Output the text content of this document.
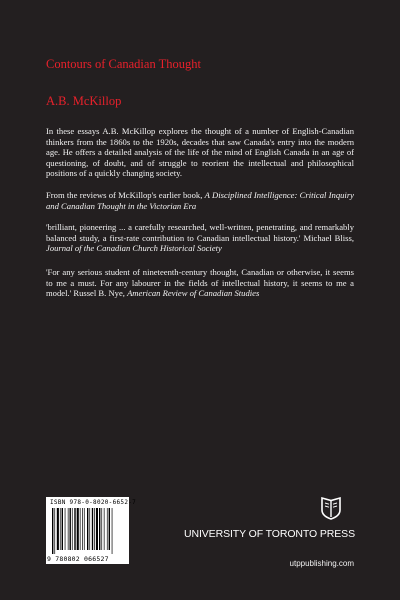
Contours of Canadian Thought
A.B. McKillop

In these essays A.B. McKillop explores the thought of a number of English-Canadian thinkers from the 1860s to the 1920s, decades that saw Canada's entry into the modern age. He offers a detailed analysis of the life of the mind of English Canada in an age of questioning, of doubt, and of struggle to reorient the intellectual and philosophical positions of a quickly changing society.

From the reviews of McKillop's earlier book, A Disciplined Intelligence: Critical Inquiry and Canadian Thought in the Victorian Era

'brilliant, pioneering ... a carefully researched, well-written, penetrating, and remarkably balanced study, a first-rate contribution to Canadian intellectual history.' Michael Bliss, Journal of the Canadian Church Historical Society

'For any serious student of nineteenth-century thought, Canadian or otherwise, it seems to me a must. For any labourer in the fields of intellectual history, it seems to me a model.' Russel B. Nye, American Review of Canadian Studies

ISBN 978-0-8020-6652-7
9 780802 066527

UNIVERSITY OF TORONTO PRESS

utppublishing.com
